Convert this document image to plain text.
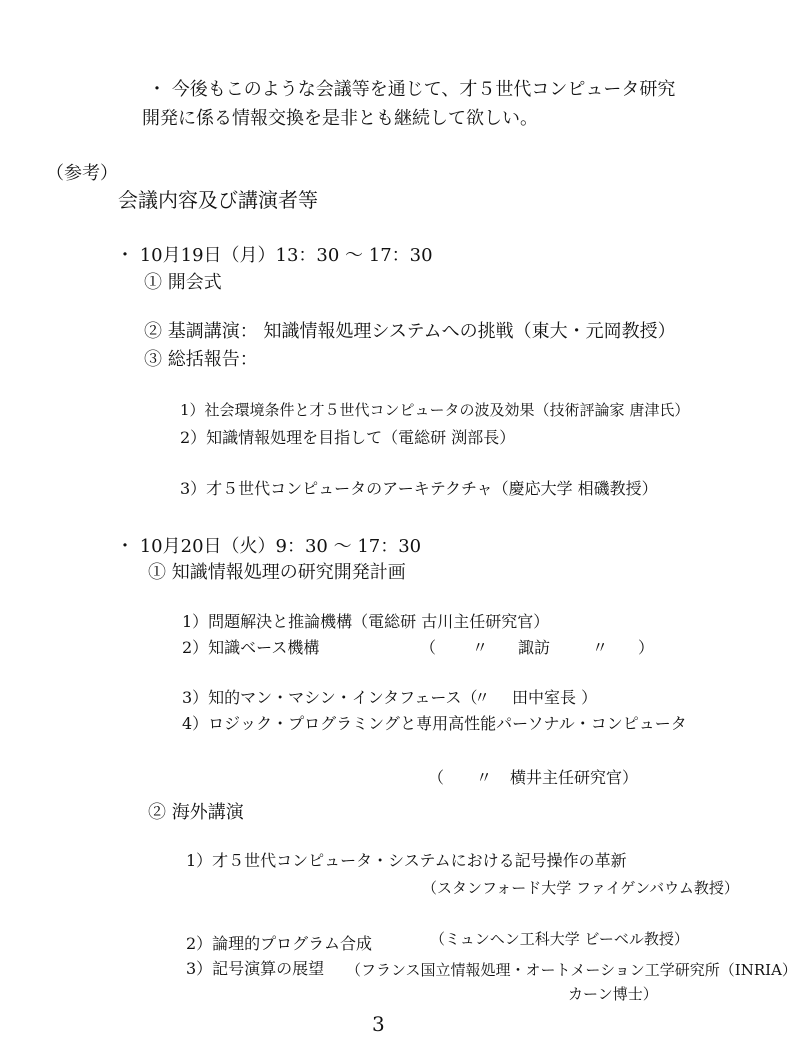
・ 今後もこのような会議等を通じて、才５世代コンピュータ研究
開発に係る情報交換を是非とも継続して欲しい。
（参考）
会議内容及び講演者等
・ 10月19日（月）13：30 ～ 17：30
① 開会式
② 基調講演： 知識情報処理システムへの挑戦（東大・元岡教授）
③ 総括報告：
1）社会環境条件と才５世代コンピュータの波及効果（技術評論家 唐津氏）
2）知識情報処理を目指して（電総研 渕部長）
3）才５世代コンピュータのアーキテクチャ（慶応大学 相磯教授）
・ 10月20日（火）9：30 ～ 17：30
① 知識情報処理の研究開発計画
1）問題解決と推論機構（電総研 古川主任研究官）
2）知識ベース機構	（ 〃 諏訪	〃 ）
3）知的マン・マシン・インタフェース（
〃 田中室長 ）
4）ロジック・プログラミングと専用高性能パーソナル・コンピュータ
（ 〃 横井主任研究官）
② 海外講演
1）才５世代コンピュータ・システムにおける記号操作の革新
（スタンフォード大学 ファイゲンバウム教授）
2）論理的プログラム合成	（ミュンヘン工科大学 ビーベル教授）
3）記号演算の展望 （フランス国立情報処理・オートメーション工学研究所（INRIA）
カーン博士）
3
